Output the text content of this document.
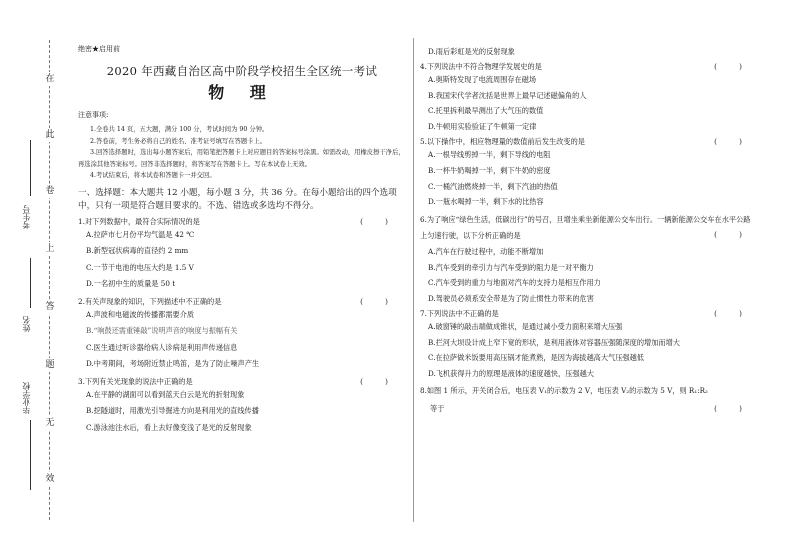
在
此
卷
上
答
题
无
效
考生号
姓名
毕业学校
绝密★启用前
2020 年西藏自治区高中阶段学校招生全区统一考试
物 理
注意事项:

1.全卷共 14 页，五大题，满分 100 分，考试时间为 90 分钟。

2.答卷前，考生务必将自己的姓名、准考证号填写在答题卡上。

3.回答选择题时，选出每小题答案后，用铅笔把答题卡上对应题目的答案标号涂黑。如需改动，用橡皮擦干净后，再选涂其他答案标号。回答非选择题时，将答案写在答题卡上。写在本试卷上无效。

4.考试结束后，将本试卷和答题卡一并交回。

一、选择题：本大题共 12 小题，每小题 3 分，共 36 分。在每小题给出的四个选项中，只有一项是符合题目要求的。不选、错选或多选均不得分。
1.对下列数据中，最符合实际情况的是	( )
A.拉萨市七月份平均气温是 42 ℃
B.新型冠状病毒的直径约 2 mm
C.一节干电池的电压大约是 1.5 V
D.一名初中生的质量是 50 t
2.有关声现象的知识，下列描述中不正确的是	( )
A.声波和电磁波的传播都需要介质
B.“响鼓还需重锤敲”说明声音的响度与振幅有关
C.医生通过听诊器给病人诊病是利用声传递信息
D.中考期间，考场附近禁止鸣笛，是为了防止噪声产生
3.下列有关光现象的说法中正确的是	( )
A.在平静的湖面可以看到蓝天白云是光的折射现象
B.挖隧道时，用激光引导掘进方向是利用光的直线传播
C.游泳池注水后，看上去好像变浅了是光的反射现象
D.雨后彩虹是光的反射现象
4.下列说法中不符合物理学发展史的是	( )
A.奥斯特发现了电流周围存在磁场
B.我国宋代学者沈括是世界上最早记述磁偏角的人
C.托里拆利最早测出了大气压的数值
D.牛顿用实验验证了牛顿第一定律
5.以下操作中，相应物理量的数值前后发生改变的是	( )
A.一根导线剪掉一半，剩下导线的电阻
B.一杯牛奶喝掉一半，剩下牛奶的密度
C.一桶汽油燃烧掉一半，剩下汽油的热值
D.一瓶水喝掉一半，剩下水的比热容
6.为了响应“绿色生活，低碳出行”的号召，旦增坐乘坐新能源公交车出行。一辆新能源公交车在水平公路上匀速行驶，以下分析正确的是	( )
A.汽车在行驶过程中，动能不断增加
B.汽车受到的牵引力与汽车受到的阻力是一对平衡力
C.汽车受到的重力与地面对汽车的支持力是相互作用力
D.驾驶员必须系安全带是为了防止惯性力带来的危害
7.下列说法中不正确的是	( )
A.破窗锤的敲击端做成锥状，是通过减小受力面积来增大压强
B.拦河大坝设计成上窄下宽的形状，是利用液体对容器压强随深度的增加而增大
C.在拉萨做米饭要用高压锅才能煮熟，是因为海拔越高大气压强越低
D.飞机获得升力的原理是液体的速度越快，压强越大
8.如图 1 所示，开关闭合后，电压表 V₁的示数为 2 V，电压表 V₂的示数为 5 V，则 R₁:R₂
等于	( )
